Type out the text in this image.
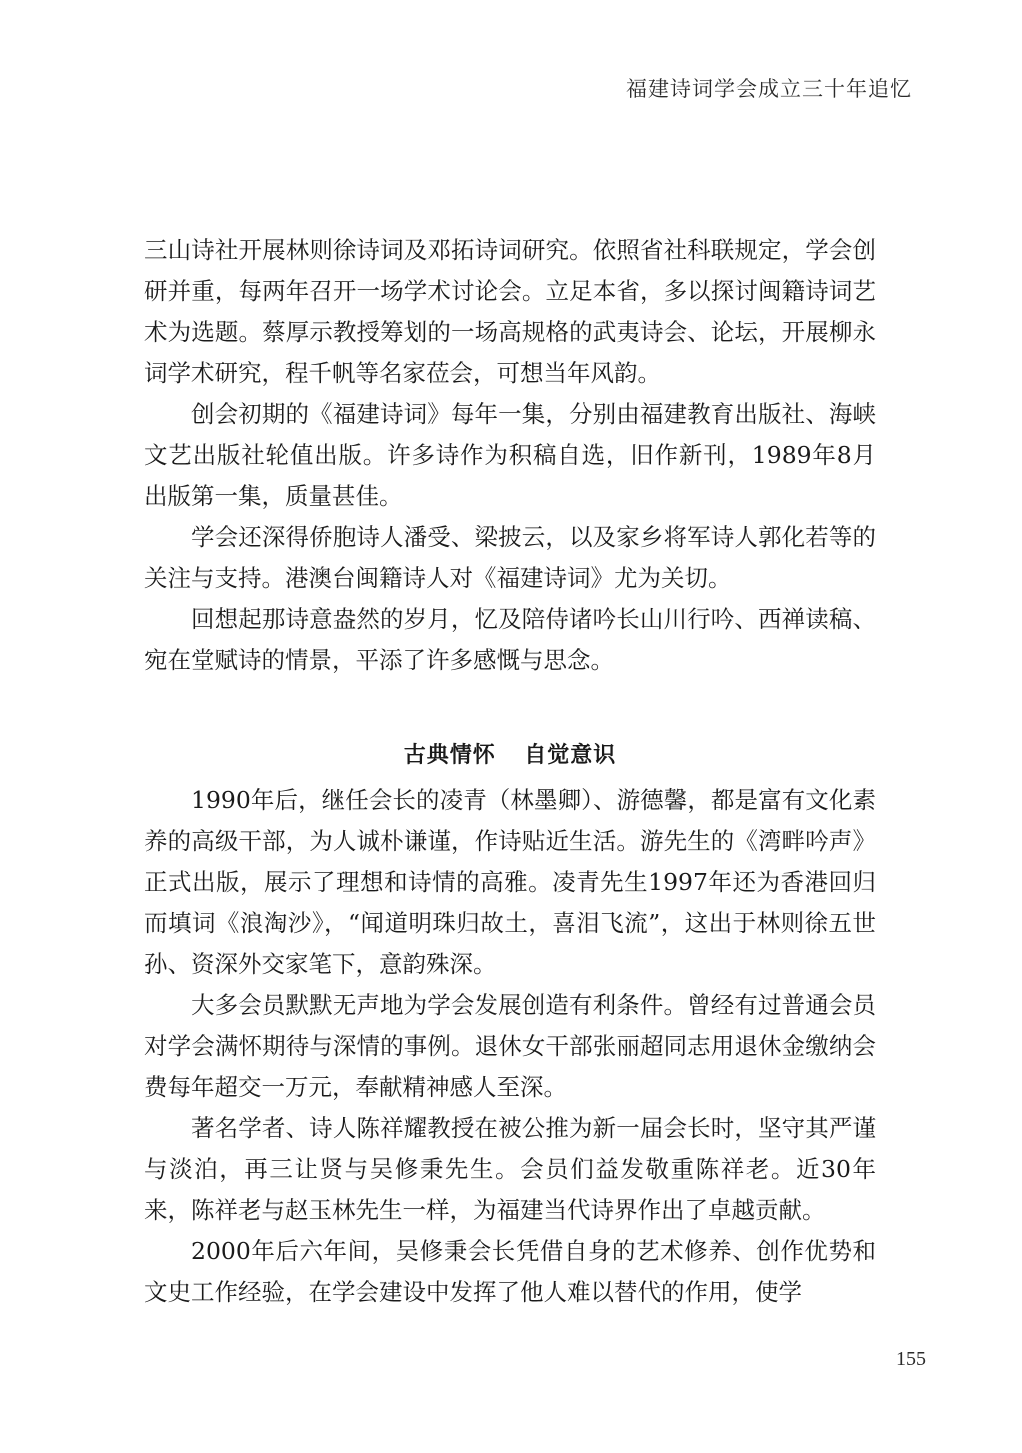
福建诗词学会成立三十年追忆

三山诗社开展林则徐诗词及邓拓诗词研究。依照省社科联规定，学会创研并重，每两年召开一场学术讨论会。立足本省，多以探讨闽籍诗词艺术为选题。蔡厚示教授筹划的一场高规格的武夷诗会、论坛，开展柳永词学术研究，程千帆等名家莅会，可想当年风韵。

创会初期的《福建诗词》每年一集，分别由福建教育出版社、海峡文艺出版社轮值出版。许多诗作为积稿自选，旧作新刊，1989年8月出版第一集，质量甚佳。

学会还深得侨胞诗人潘受、梁披云，以及家乡将军诗人郭化若等的关注与支持。港澳台闽籍诗人对《福建诗词》尤为关切。

回想起那诗意盎然的岁月，忆及陪侍诸吟长山川行吟、西禅读稿、宛在堂赋诗的情景，平添了许多感慨与思念。

古典情怀 自觉意识

1990年后，继任会长的凌青（林墨卿）、游德馨，都是富有文化素养的高级干部，为人诚朴谦谨，作诗贴近生活。游先生的《湾畔吟声》正式出版，展示了理想和诗情的高雅。凌青先生1997年还为香港回归而填词《浪淘沙》，“闻道明珠归故土，喜泪飞流”，这出于林则徐五世孙、资深外交家笔下，意韵殊深。

大多会员默默无声地为学会发展创造有利条件。曾经有过普通会员对学会满怀期待与深情的事例。退休女干部张丽超同志用退休金缴纳会费每年超交一万元，奉献精神感人至深。

著名学者、诗人陈祥耀教授在被公推为新一届会长时，坚守其严谨与淡泊，再三让贤与吴修秉先生。会员们益发敬重陈祥老。近30年来，陈祥老与赵玉林先生一样，为福建当代诗界作出了卓越贡献。

2000年后六年间，吴修秉会长凭借自身的艺术修养、创作优势和文史工作经验，在学会建设中发挥了他人难以替代的作用，使学

155
